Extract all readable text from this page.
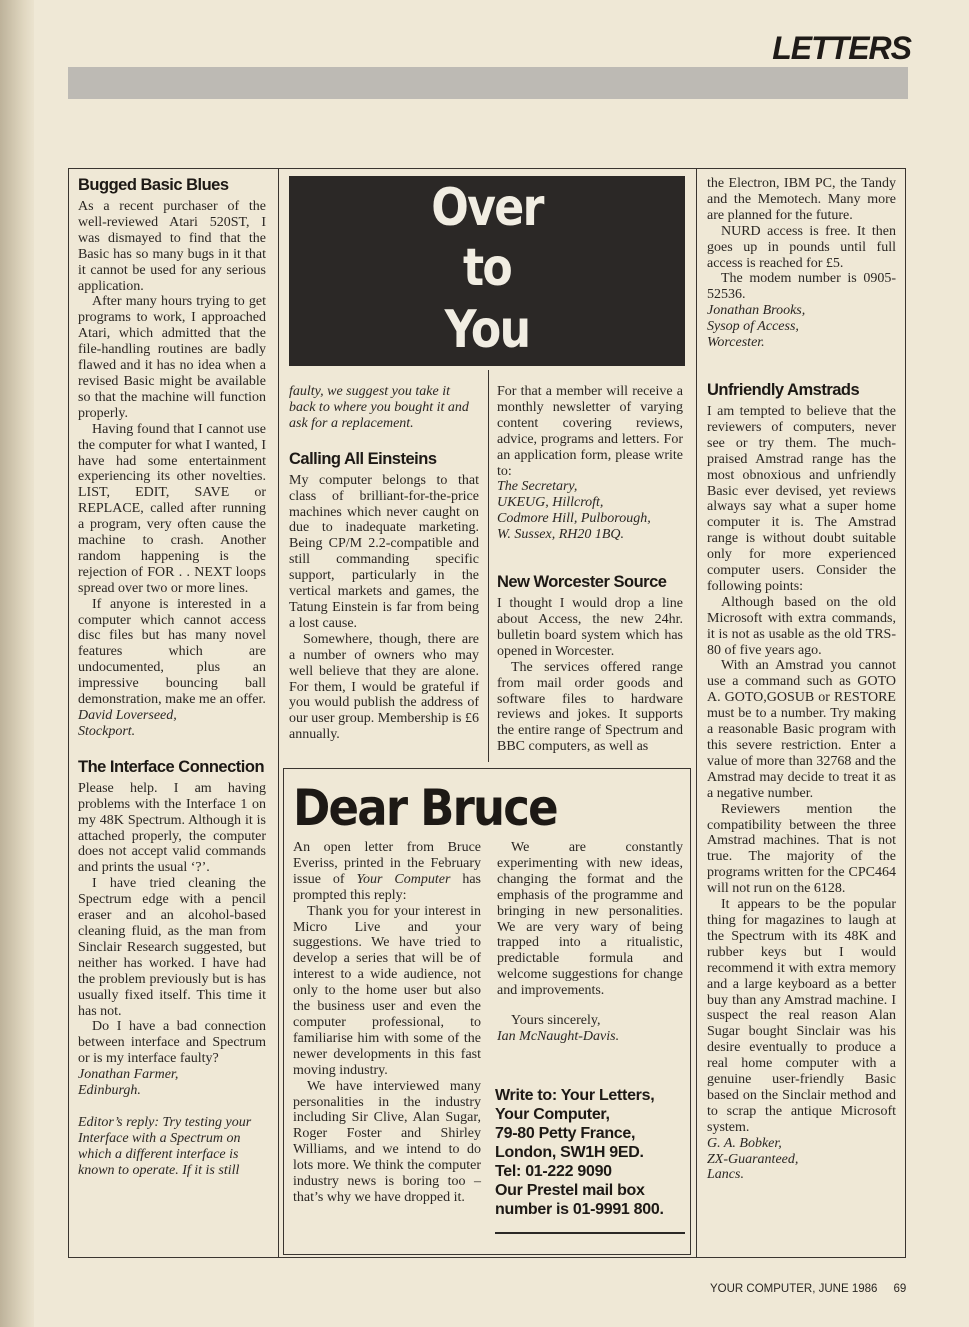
LETTERS
Bugged Basic Blues

As a recent purchaser of the well-reviewed Atari 520ST, I was dismayed to find that the Basic has so many bugs in it that it cannot be used for any serious application.

After many hours trying to get programs to work, I approached Atari, which admitted that the file-handling routines are badly flawed and it has no idea when a revised Basic might be available so that the machine will function properly.

Having found that I cannot use the computer for what I wanted, I have had some entertainment experiencing its other novelties. LIST, EDIT, SAVE or REPLACE, called after running a program, very often cause the machine to crash. Another random happening is the rejection of FOR . . NEXT loops spread over two or more lines.

If anyone is interested in a computer which cannot access disc files but has many novel features which are undocumented, plus an impressive bouncing ball demonstration, make me an offer.

David Loverseed,

Stockport.

The Interface Connection

Please help. I am having problems with the Interface 1 on my 48K Spectrum. Although it is attached properly, the computer does not accept valid commands and prints the usual ‘?’.

I have tried cleaning the Spectrum edge with a pencil eraser and an alcohol-based cleaning fluid, as the man from Sinclair Research suggested, but neither has worked. I have had the problem previously but is has usually fixed itself. This time it has not.

Do I have a bad connection between interface and Spectrum or is my interface faulty?

Jonathan Farmer,

Edinburgh.

Editor’s reply: Try testing your Interface with a Spectrum on which a different interface is known to operate. If it is still

Over
to
You

faulty, we suggest you take it back to where you bought it and ask for a replacement.

Calling All Einsteins

My computer belongs to that class of brilliant-for-the-price machines which never caught on due to inadequate marketing. Being CP/M 2.2-compatible and still commanding specific support, particularly in the vertical markets and games, the Tatung Einstein is far from being a lost cause.

Somewhere, though, there are a number of owners who may well believe that they are alone. For them, I would be grateful if you would publish the address of our user group. Membership is £6 annually.

For that a member will receive a monthly newsletter of varying content covering reviews, advice, programs and letters. For an application form, please write to:

The Secretary,

UKEUG, Hillcroft,

Codmore Hill, Pulborough,

W. Sussex, RH20 1BQ.

New Worcester Source

I thought I would drop a line about Access, the new 24hr. bulletin board system which has opened in Worcester.

The services offered range from mail order goods and software files to hardware reviews and jokes. It supports the entire range of Spectrum and BBC computers, as well as

the Electron, IBM PC, the Tandy and the Memotech. Many more are planned for the future.

NURD access is free. It then goes up in pounds until full access is reached for £5.

The modem number is 0905-52536.

Jonathan Brooks,

Sysop of Access,

Worcester.

Unfriendly Amstrads

I am tempted to believe that the reviewers of computers, never see or try them. The much-praised Amstrad range has the most obnoxious and unfriendly Basic ever devised, yet reviews always say what a super home computer it is. The Amstrad range is without doubt suitable only for more experienced computer users. Consider the following points:

Although based on the old Microsoft with extra commands, it is not as usable as the old TRS-80 of five years ago.

With an Amstrad you cannot use a command such as GOTO A. GOTO,GOSUB or RESTORE must be to a number. Try making a reasonable Basic program with this severe restriction. Enter a value of more than 32768 and the Amstrad may decide to treat it as a negative number.

Reviewers mention the compatibility between the three Amstrad machines. That is not true. The majority of the programs written for the CPC464 will not run on the 6128.

It appears to be the popular thing for magazines to laugh at the Spectrum with its 48K and rubber keys but I would recommend it with extra memory and a large keyboard as a better buy than any Amstrad machine. I suspect the real reason Alan Sugar bought Sinclair was his desire eventually to produce a real home computer with a genuine user-friendly Basic based on the Sinclair method and to scrap the antique Microsoft system.

G. A. Bobker,

ZX-Guaranteed,

Lancs.

Dear Bruce

An open letter from Bruce Everiss, printed in the February issue of Your Computer has prompted this reply:

Thank you for your interest in Micro Live and your suggestions. We have tried to develop a series that will be of interest to a wide audience, not only to the home user but also the business user and even the computer professional, to familiarise him with some of the newer developments in this fast moving industry.

We have interviewed many personalities in the industry including Sir Clive, Alan Sugar, Roger Foster and Shirley Williams, and we intend to do lots more. We think the computer industry news is boring too – that’s why we have dropped it.

We are constantly experimenting with new ideas, changing the format and the emphasis of the programme and bringing in new personalities. We are very wary of being trapped into a ritualistic, predictable formula and welcome suggestions for change and improvements.

Yours sincerely,

Ian McNaught-Davis.

Write to: Your Letters,

Your Computer,

79-80 Petty France,

London, SW1H 9ED.

Tel: 01-222 9090

Our Prestel mail box

number is 01-9991 800.

YOUR COMPUTER, JUNE 1986 69
